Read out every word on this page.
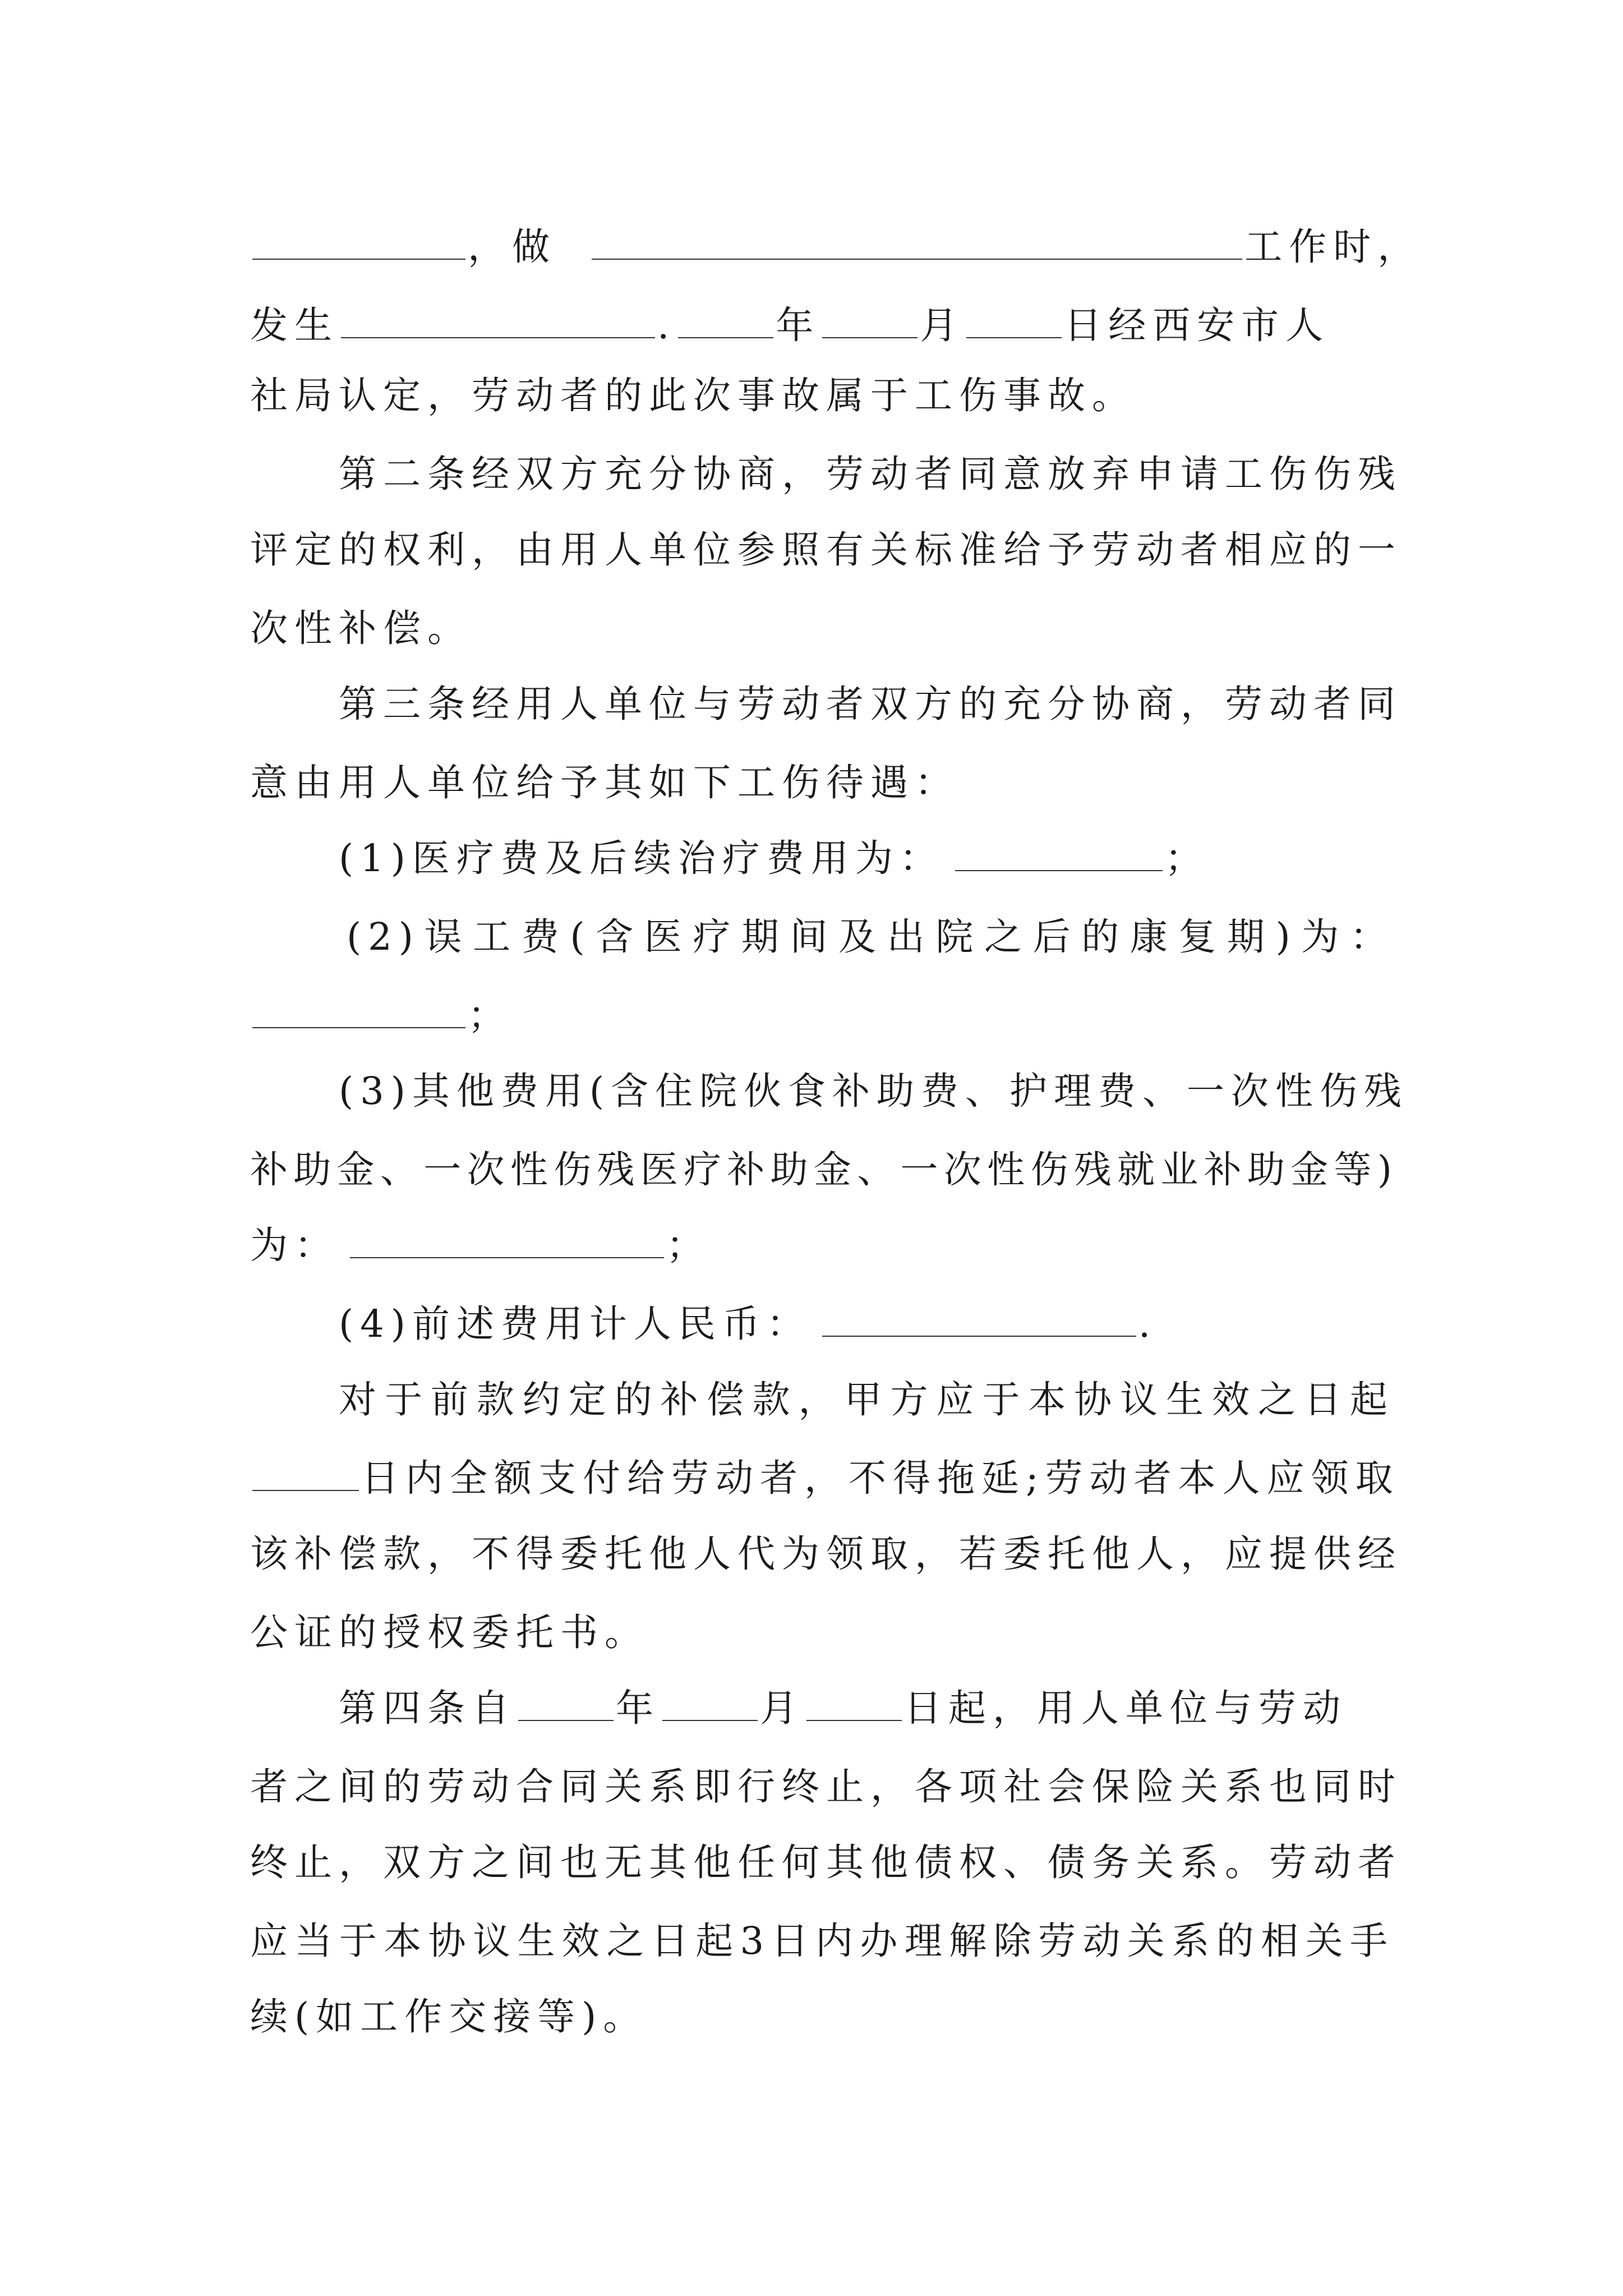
，做	工作时，
发生	.	年	月	日经西安市人
社局认定，劳动者的此次事故属于工伤事故。
第二条经双方充分协商，劳动者同意放弃申请工伤伤残
评定的权利，由用人单位参照有关标准给予劳动者相应的一
次性补偿。
第三条经用人单位与劳动者双方的充分协商，劳动者同
意由用人单位给予其如下工伤待遇：
(1)医疗费及后续治疗费用为：	；
(2)误工费(含医疗期间及出院之后的康复期)为：
；
(3)其他费用(含住院伙食补助费、护理费、一次性伤残
补助金、一次性伤残医疗补助金、一次性伤残就业补助金等)
为：	；
(4)前述费用计人民币：	.
对于前款约定的补偿款，甲方应于本协议生效之日起
日内全额支付给劳动者，不得拖延;劳动者本人应领取
该补偿款，不得委托他人代为领取，若委托他人，应提供经
公证的授权委托书。
第四条自	年	月	日起，用人单位与劳动
者之间的劳动合同关系即行终止，各项社会保险关系也同时
终止，双方之间也无其他任何其他债权、债务关系。劳动者
应当于本协议生效之日起3日内办理解除劳动关系的相关手
续(如工作交接等)。
